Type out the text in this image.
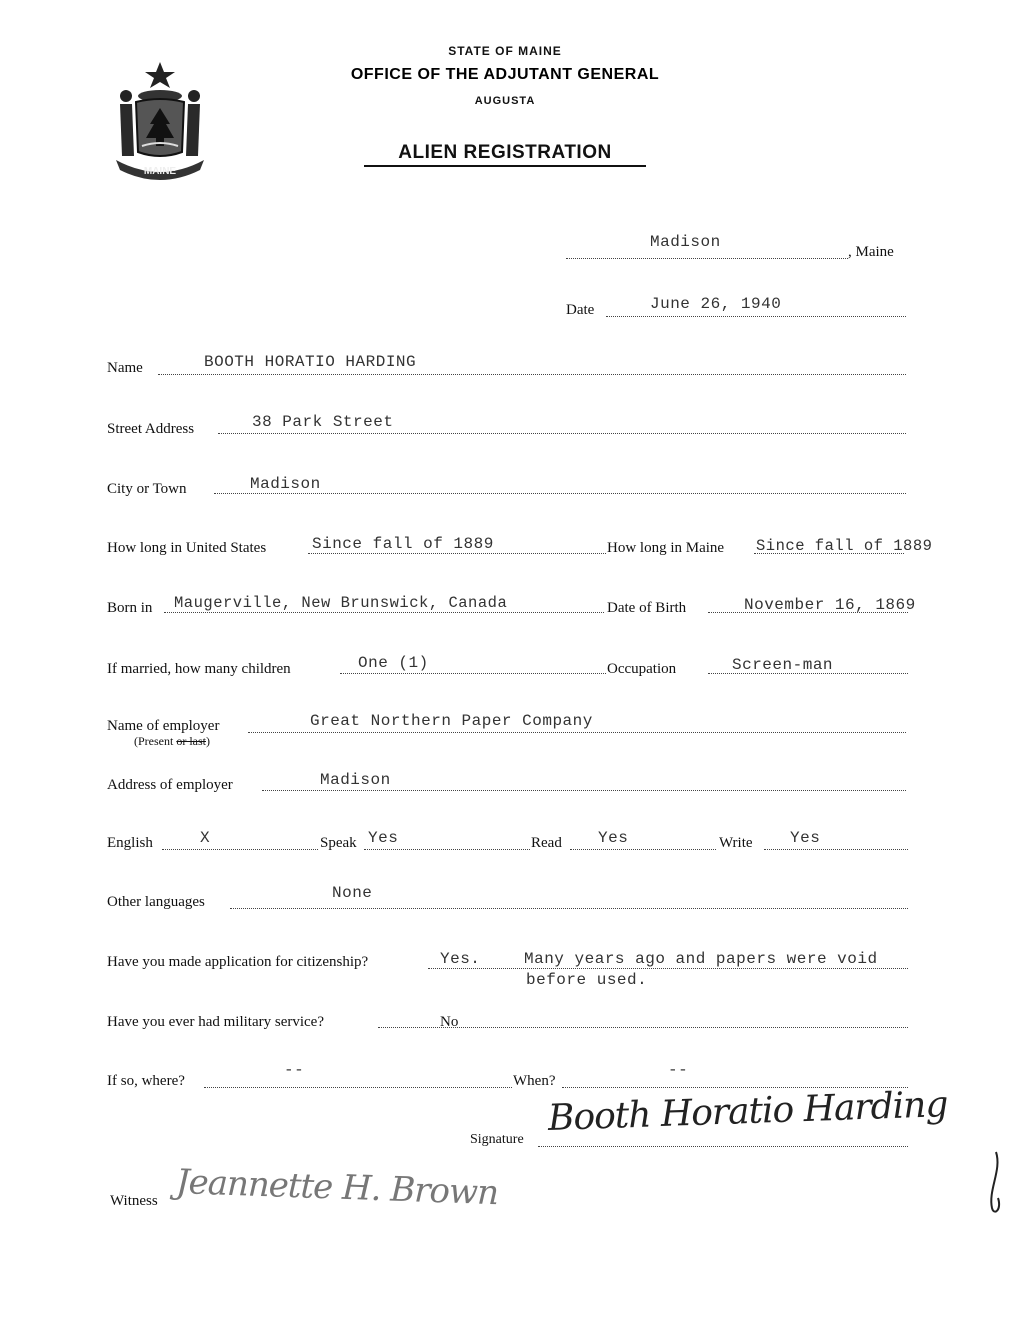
MAINE
STATE OF MAINE
OFFICE OF THE ADJUTANT GENERAL
AUGUSTA
ALIEN REGISTRATION
Madison
, Maine
Date	June 26, 1940
Name	BOOTH HORATIO HARDING
Street Address	38 Park Street
City or Town	Madison
How long in United States	Since fall of 1889	How long in Maine Since fall of 1889
Born in Maugerville, New Brunswick, Canada	Date of Birth	November 16, 1869
If married, how many children	One (1)	Occupation	Screen-man
Name of employer
(Present or last)
Great Northern Paper Company
Address of employer	Madison
English	X	Speak Yes	Read Yes	Write Yes
Other languages	None
Have you made application for citizenship?	Yes.	Many years ago and papers were void
before used.
Have you ever had military service?	No
If so, where?
--
When?
--
Signature
Booth Horatio Harding
Witness Jeannette H. Brown
